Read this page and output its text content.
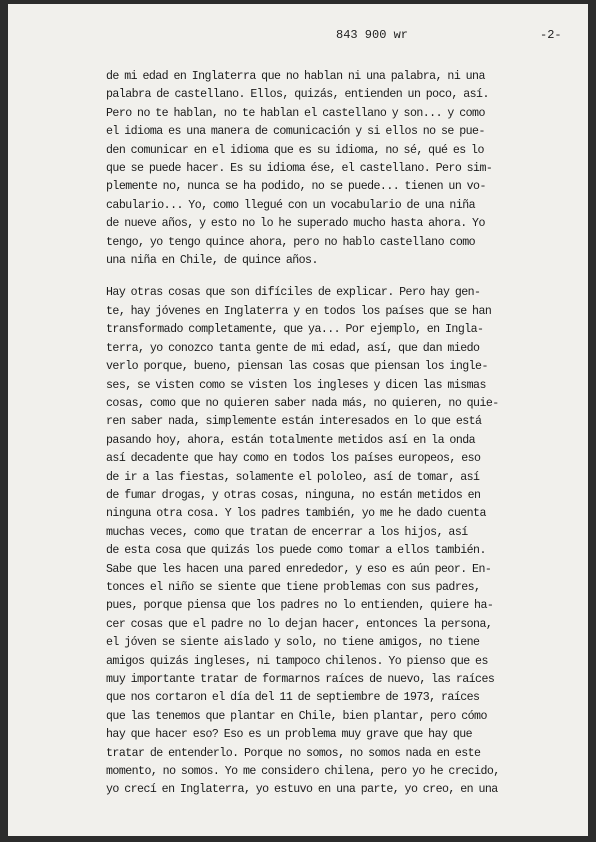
843 900 wr	-2-
de mi edad en Inglaterra que no hablan ni una palabra, ni una
palabra de castellano. Ellos, quizás, entienden un poco, así.
Pero no te hablan, no te hablan el castellano y son... y como
el idioma es una manera de comunicación y si ellos no se pue-
den comunicar en el idioma que es su idioma, no sé, qué es lo
que se puede hacer. Es su idioma ése, el castellano. Pero sim-
plemente no, nunca se ha podido, no se puede... tienen un vo-
cabulario... Yo, como llegué con un vocabulario de una niña
de nueve años, y esto no lo he superado mucho hasta ahora. Yo
tengo, yo tengo quince ahora, pero no hablo castellano como
una niña en Chile, de quince años.
Hay otras cosas que son difíciles de explicar. Pero hay gen-
te, hay jóvenes en Inglaterra y en todos los países que se han
transformado completamente, que ya... Por ejemplo, en Ingla-
terra, yo conozco tanta gente de mi edad, así, que dan miedo
verlo porque, bueno, piensan las cosas que piensan los ingle-
ses, se visten como se visten los ingleses y dicen las mismas
cosas, como que no quieren saber nada más, no quieren, no quie-
ren saber nada, simplemente están interesados en lo que está
pasando hoy, ahora, están totalmente metidos así en la onda
así decadente que hay como en todos los países europeos, eso
de ir a las fiestas, solamente el pololeo, así de tomar, así
de fumar drogas, y otras cosas, ninguna, no están metidos en
ninguna otra cosa. Y los padres también, yo me he dado cuenta
muchas veces, como que tratan de encerrar a los hijos, así
de esta cosa que quizás los puede como tomar a ellos también.
Sabe que les hacen una pared enrededor, y eso es aún peor. En-
tonces el niño se siente que tiene problemas con sus padres,
pues, porque piensa que los padres no lo entienden, quiere ha-
cer cosas que el padre no lo dejan hacer, entonces la persona,
el jóven se siente aislado y solo, no tiene amigos, no tiene
amigos quizás ingleses, ni tampoco chilenos. Yo pienso que es
muy importante tratar de formarnos raíces de nuevo, las raíces
que nos cortaron el día del 11 de septiembre de 1973, raíces
que las tenemos que plantar en Chile, bien plantar, pero cómo
hay que hacer eso? Eso es un problema muy grave que hay que
tratar de entenderlo. Porque no somos, no somos nada en este
momento, no somos. Yo me considero chilena, pero yo he crecido,
yo crecí en Inglaterra, yo estuvo en una parte, yo creo, en una
